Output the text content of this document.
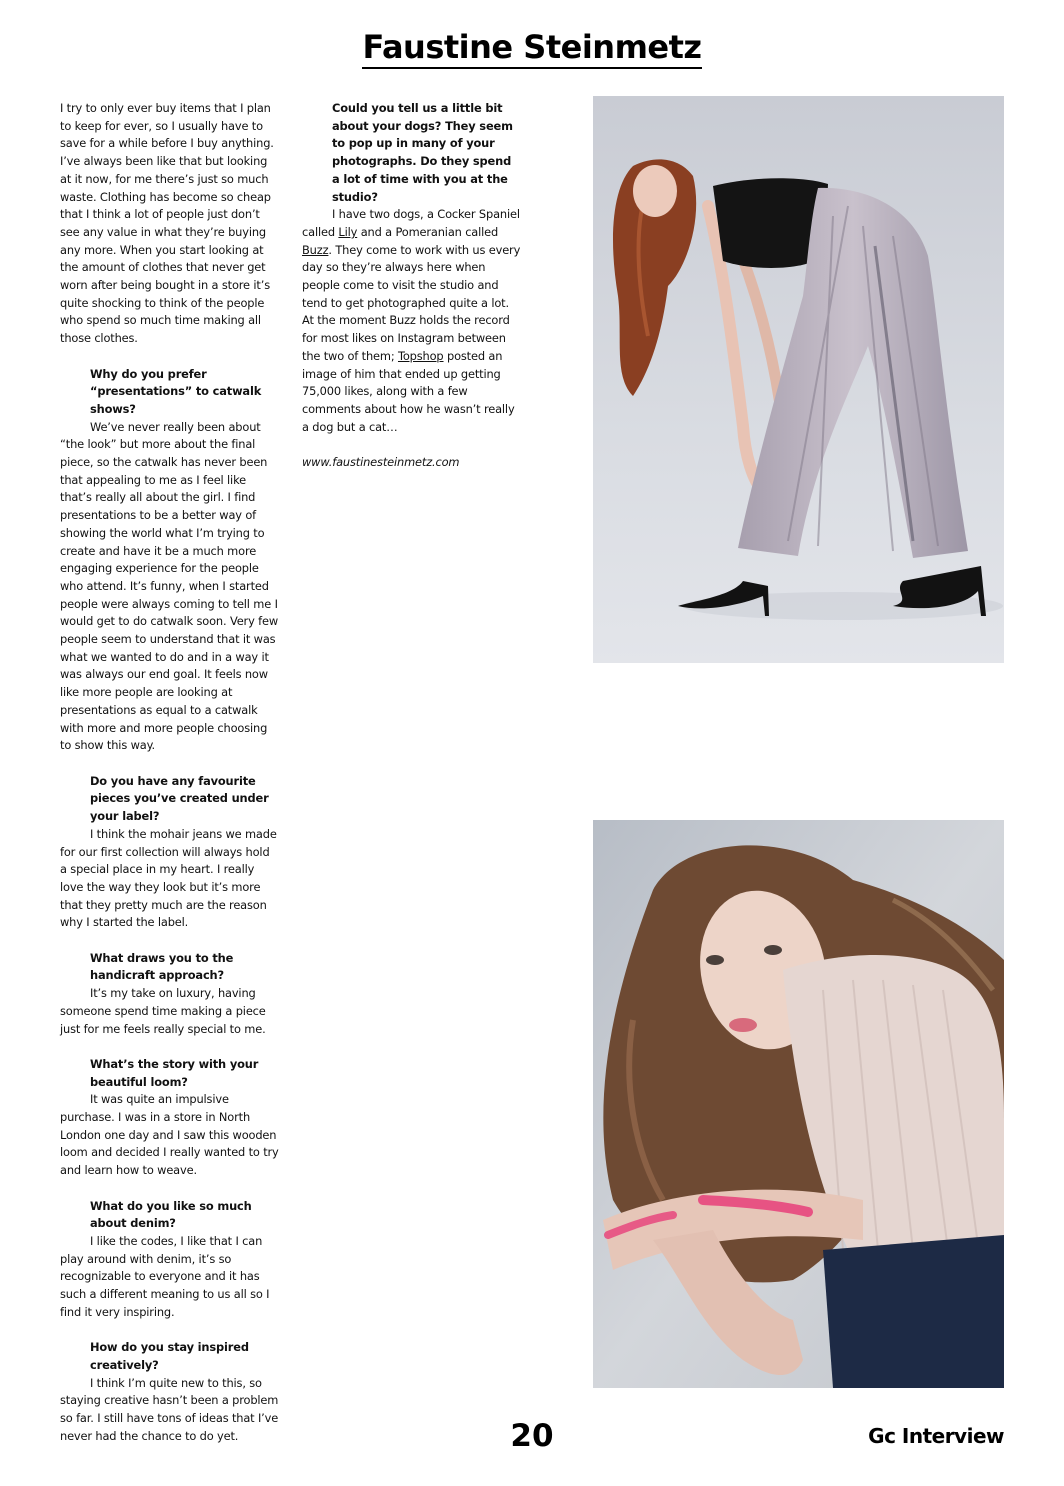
Faustine Steinmetz
I try to only ever buy items that I plan to keep for ever, so I usually have to save for a while before I buy anything. I’ve always been like that but looking at it now, for me there’s just so much waste. Clothing has become so cheap that I think a lot of people just don’t see any value in what they’re buying any more. When you start looking at the amount of clothes that never get worn after being bought in a store it’s quite shocking to think of the people who spend so much time making all those clothes.
Why do you prefer “presentations” to catwalk shows?
We’ve never really been about “the look” but more about the final piece, so the catwalk has never been that appealing to me as I feel like that’s really all about the girl. I find presentations to be a better way of showing the world what I’m trying to create and have it be a much more engaging experience for the people who attend. It’s funny, when I started people were always coming to tell me I would get to do catwalk soon. Very few people seem to understand that it was what we wanted to do and in a way it was always our end goal. It feels now like more people are looking at presentations as equal to a catwalk with more and more people choosing to show this way.
Do you have any favourite pieces you’ve created under your label?
I think the mohair jeans we made for our first collection will always hold a special place in my heart. I really love the way they look but it’s more that they pretty much are the reason why I started the label.
What draws you to the handicraft approach?
It’s my take on luxury, having someone spend time making a piece just for me feels really special to me.
What’s the story with your beautiful loom?
It was quite an impulsive purchase. I was in a store in North London one day and I saw this wooden loom and decided I really wanted to try and learn how to weave.
What do you like so much about denim?
I like the codes, I like that I can play around with denim, it’s so recognizable to everyone and it has such a different meaning to us all so I find it very inspiring.
How do you stay inspired creatively?
I think I’m quite new to this, so staying creative hasn’t been a problem so far. I still have tons of ideas that I’ve never had the chance to do yet.
Could you tell us a little bit about your dogs? They seem to pop up in many of your photographs. Do they spend a lot of time with you at the studio?
I have two dogs, a Cocker Spaniel called Lily and a Pomeranian called Buzz. They come to work with us every day so they’re always here when people come to visit the studio and tend to get photographed quite a lot. At the moment Buzz holds the record for most likes on Instagram between the two of them; Topshop posted an image of him that ended up getting 75,000 likes, along with a few comments about how he wasn’t really a dog but a cat…
www.faustinesteinmetz.com
20	Gc Interview
